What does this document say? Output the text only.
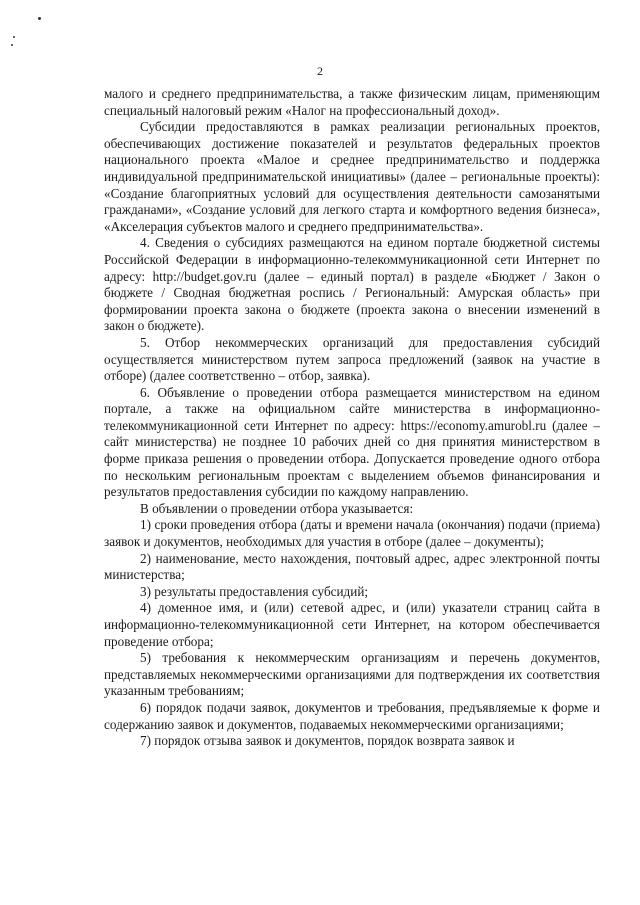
2

малого и среднего предпринимательства, а также физическим лицам, применяющим специальный налоговый режим «Налог на профессиональный доход».

Субсидии предоставляются в рамках реализации региональных проектов, обеспечивающих достижение показателей и результатов федеральных проектов национального проекта «Малое и среднее предпринимательство и поддержка индивидуальной предпринимательской инициативы» (далее – региональные проекты): «Создание благоприятных условий для осуществления деятельности самозанятыми гражданами», «Создание условий для легкого старта и комфортного ведения бизнеса», «Акселерация субъектов малого и среднего предпринимательства».

4. Сведения о субсидиях размещаются на едином портале бюджетной системы Российской Федерации в информационно-телекоммуникационной сети Интернет по адресу: http://budget.gov.ru (далее – единый портал) в разделе «Бюджет / Закон о бюджете / Сводная бюджетная роспись / Региональный: Амурская область» при формировании проекта закона о бюджете (проекта закона о внесении изменений в закон о бюджете).

5. Отбор некоммерческих организаций для предоставления субсидий осуществляется министерством путем запроса предложений (заявок на участие в отборе) (далее соответственно – отбор, заявка).

6. Объявление о проведении отбора размещается министерством на едином портале, а также на официальном сайте министерства в информационно-телекоммуникационной сети Интернет по адресу: https://economy.amurobl.ru (далее – сайт министерства) не позднее 10 рабочих дней со дня принятия министерством в форме приказа решения о проведении отбора. Допускается проведение одного отбора по нескольким региональным проектам с выделением объемов финансирования и результатов предоставления субсидии по каждому направлению.

В объявлении о проведении отбора указывается:

1) сроки проведения отбора (даты и времени начала (окончания) подачи (приема) заявок и документов, необходимых для участия в отборе (далее – документы);

2) наименование, место нахождения, почтовый адрес, адрес электронной почты министерства;

3) результаты предоставления субсидий;

4) доменное имя, и (или) сетевой адрес, и (или) указатели страниц сайта в информационно-телекоммуникационной сети Интернет, на котором обеспечивается проведение отбора;

5) требования к некоммерческим организациям и перечень документов, представляемых некоммерческими организациями для подтверждения их соответствия указанным требованиям;

6) порядок подачи заявок, документов и требования, предъявляемые к форме и содержанию заявок и документов, подаваемых некоммерческими организациями;

7) порядок отзыва заявок и документов, порядок возврата заявок и
